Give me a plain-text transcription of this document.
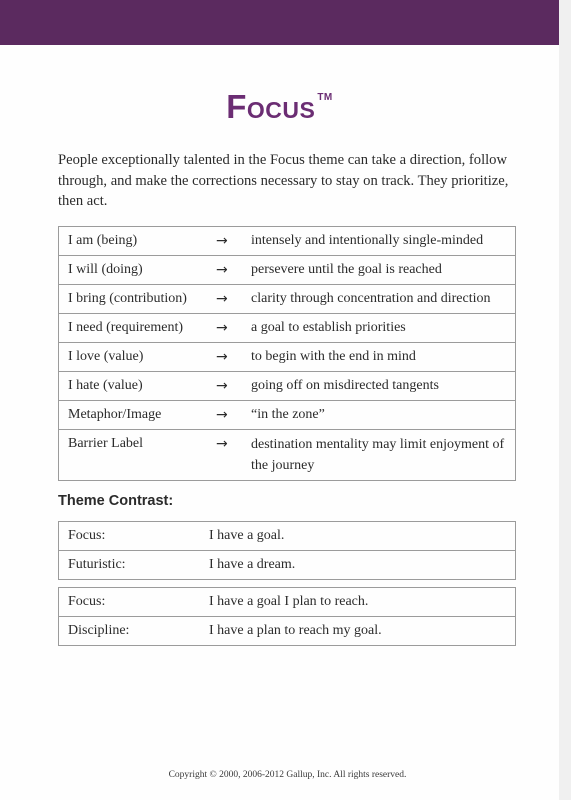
Focus ™

People exceptionally talented in the Focus theme can take a direction, follow through, and make the corrections necessary to stay on track. They prioritize, then act.

I am (being)	→	intensely and intentionally single-minded
I will (doing)	→	persevere until the goal is reached
I bring (contribution)	→	clarity through concentration and direction
I need (requirement)	→	a goal to establish priorities
I love (value)	→	to begin with the end in mind
I hate (value)	→	going off on misdirected tangents
Metaphor/Image	→	“in the zone”
Barrier Label	→	destination mentality may limit enjoyment of the journey
Theme Contrast:
Focus:	I have a goal.
Futuristic:	I have a dream.
Focus:	I have a goal I plan to reach.
Discipline:	I have a plan to reach my goal.
Copyright © 2000, 2006-2012 Gallup, Inc. All rights reserved.
